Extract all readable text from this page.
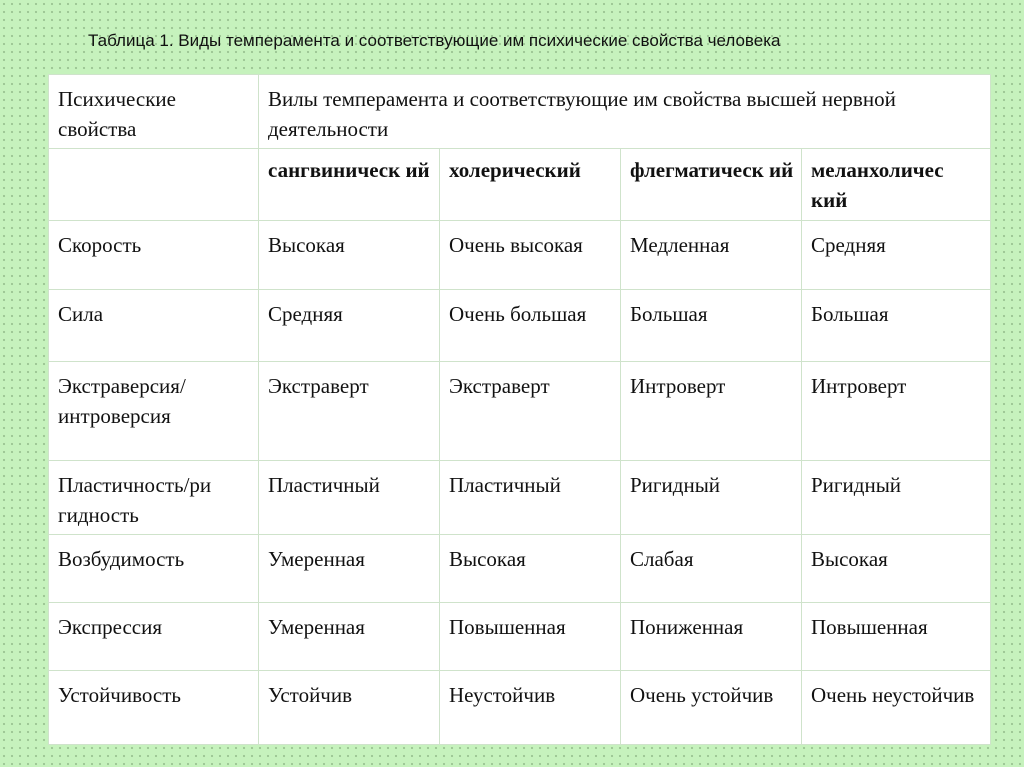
Таблица 1. Виды темперамента и соответствующие им психические свойства человека
Психические свойства	Вилы темперамента и соответствующие им свойства высшей нервной деятельности			
	сангвиническ ий	холерический	флегматическ ий	меланхоличес кий
Скорость	Высокая	Очень высокая	Медленная	Средняя
Сила	Средняя	Очень большая	Большая	Большая
Экстраверсия/ интроверсия	Экстраверт	Экстраверт	Интроверт	Интроверт
Пластичность/ри гидность	Пластичный	Пластичный	Ригидный	Ригидный
Возбудимость	Умеренная	Высокая	Слабая	Высокая
Экспрессия	Умеренная	Повышенная	Пониженная	Повышенная
Устойчивость	Устойчив	Неустойчив	Очень устойчив	Очень неустойчив
